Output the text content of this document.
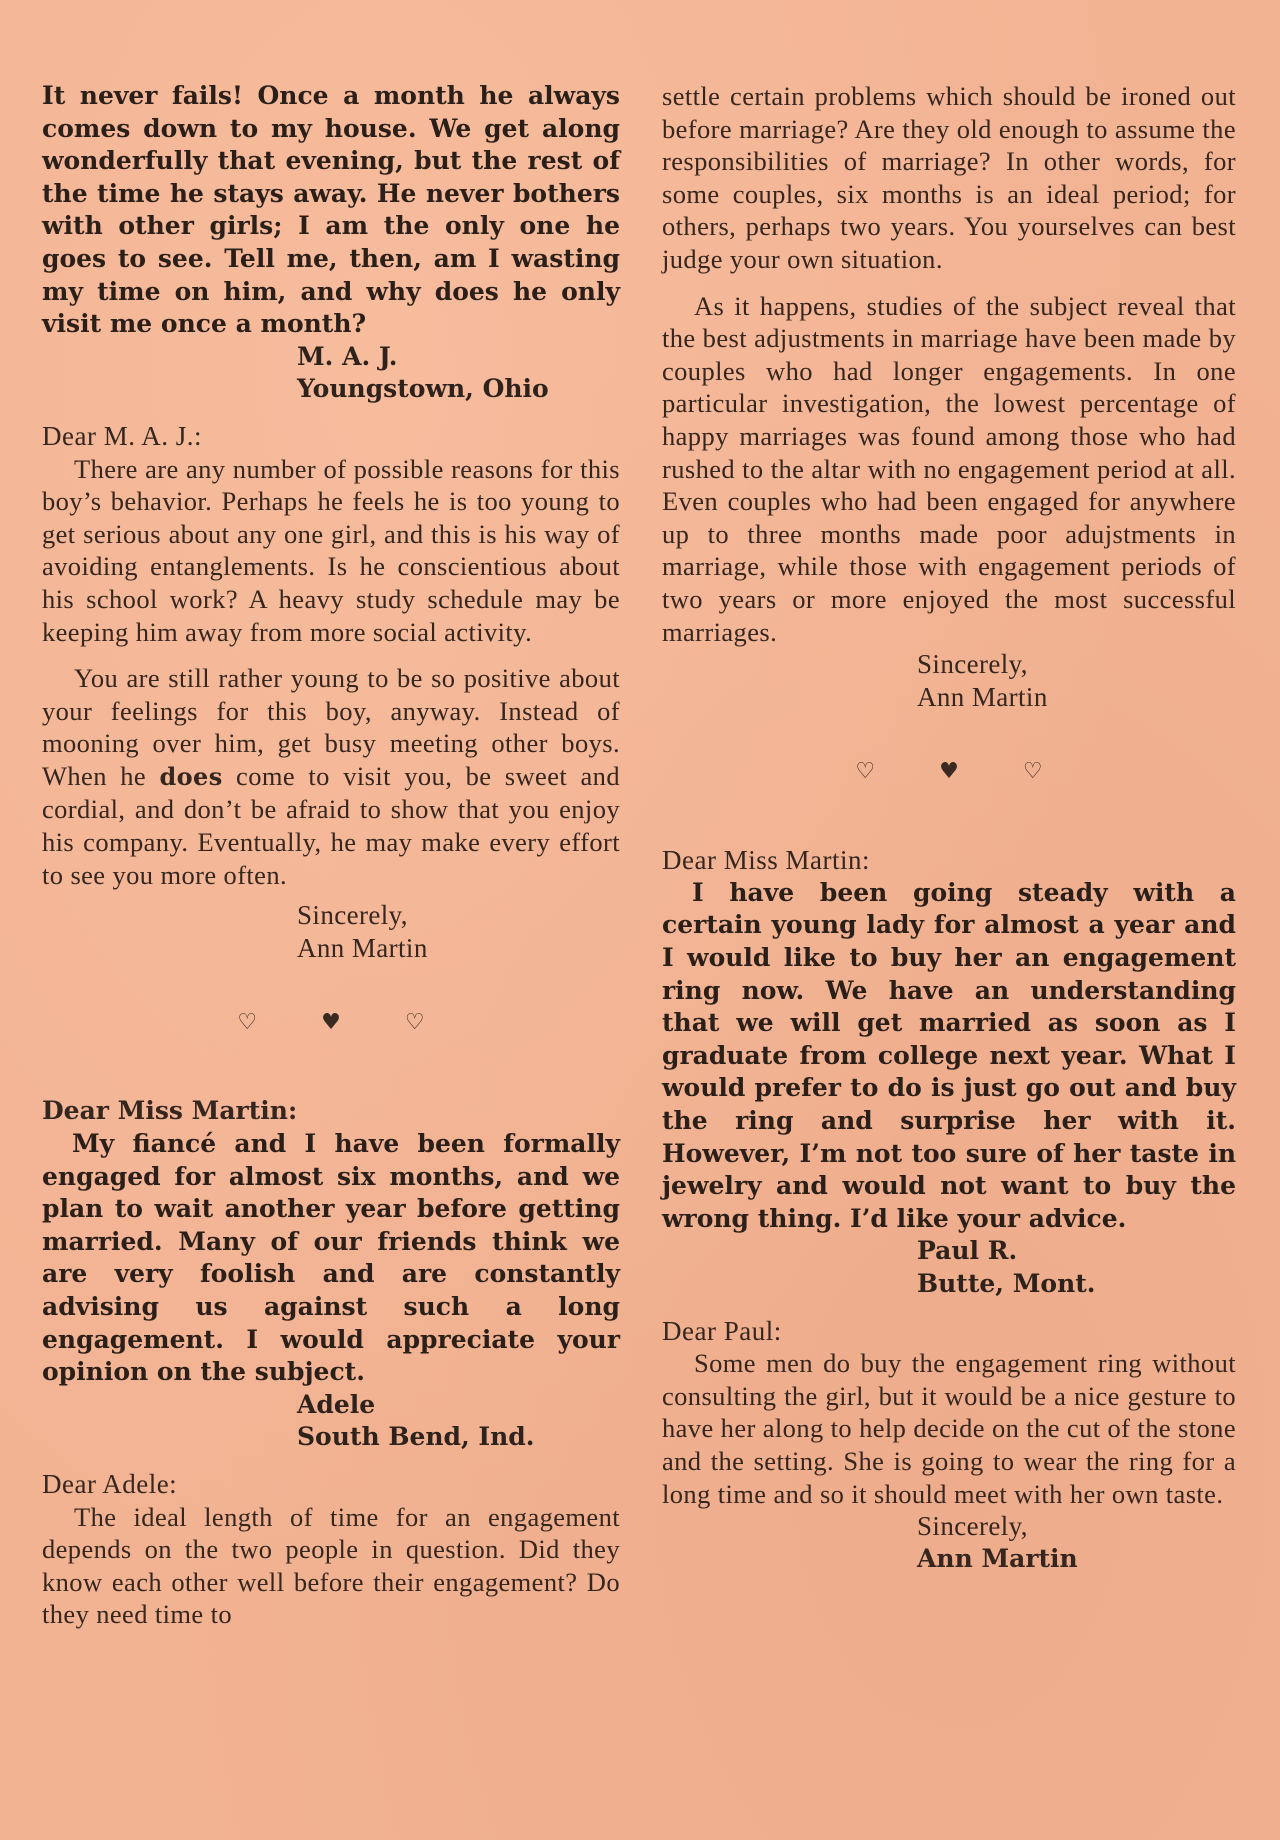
It never fails! Once a month he always comes down to my house. We get along wonderfully that evening, but the rest of the time he stays away. He never bothers with other girls; I am the only one he goes to see. Tell me, then, am I wasting my time on him, and why does he only visit me once a month?

M. A. J.
Youngstown, Ohio
Dear M. A. J.:

There are any number of possible reasons for this boy’s behavior. Perhaps he feels he is too young to get serious about any one girl, and this is his way of avoiding entanglements. Is he conscientious about his school work? A heavy study schedule may be keeping him away from more social activity.

You are still rather young to be so positive about your feelings for this boy, anyway. Instead of mooning over him, get busy meeting other boys. When he does come to visit you, be sweet and cordial, and don’t be afraid to show that you enjoy his company. Eventually, he may make every effort to see you more often.

Sincerely,
Ann Martin
♡	♥	♡
Dear Miss Martin:

My fiancé and I have been formally engaged for almost six months, and we plan to wait another year before getting married. Many of our friends think we are very foolish and are constantly advising us against such a long engagement. I would appreciate your opinion on the subject.

Adele
South Bend, Ind.
Dear Adele:

The ideal length of time for an engagement depends on the two people in question. Did they know each other well before their engagement? Do they need time to

settle certain problems which should be ironed out before marriage? Are they old enough to assume the responsibilities of marriage? In other words, for some couples, six months is an ideal period; for others, perhaps two years. You yourselves can best judge your own situation.

As it happens, studies of the subject reveal that the best adjustments in marriage have been made by couples who had longer engagements. In one particular investigation, the lowest percentage of happy marriages was found among those who had rushed to the altar with no engagement period at all. Even couples who had been engaged for anywhere up to three months made poor adujstments in marriage, while those with engagement periods of two years or more enjoyed the most successful marriages.

Sincerely,
Ann Martin
♡	♥	♡
Dear Miss Martin:

I have been going steady with a certain young lady for almost a year and I would like to buy her an engagement ring now. We have an understanding that we will get married as soon as I graduate from college next year. What I would prefer to do is just go out and buy the ring and surprise her with it. However, I’m not too sure of her taste in jewelry and would not want to buy the wrong thing. I’d like your advice.

Paul R.
Butte, Mont.
Dear Paul:

Some men do buy the engagement ring without consulting the girl, but it would be a nice gesture to have her along to help decide on the cut of the stone and the setting. She is going to wear the ring for a long time and so it should meet with her own taste.

Sincerely,
Ann Martin
